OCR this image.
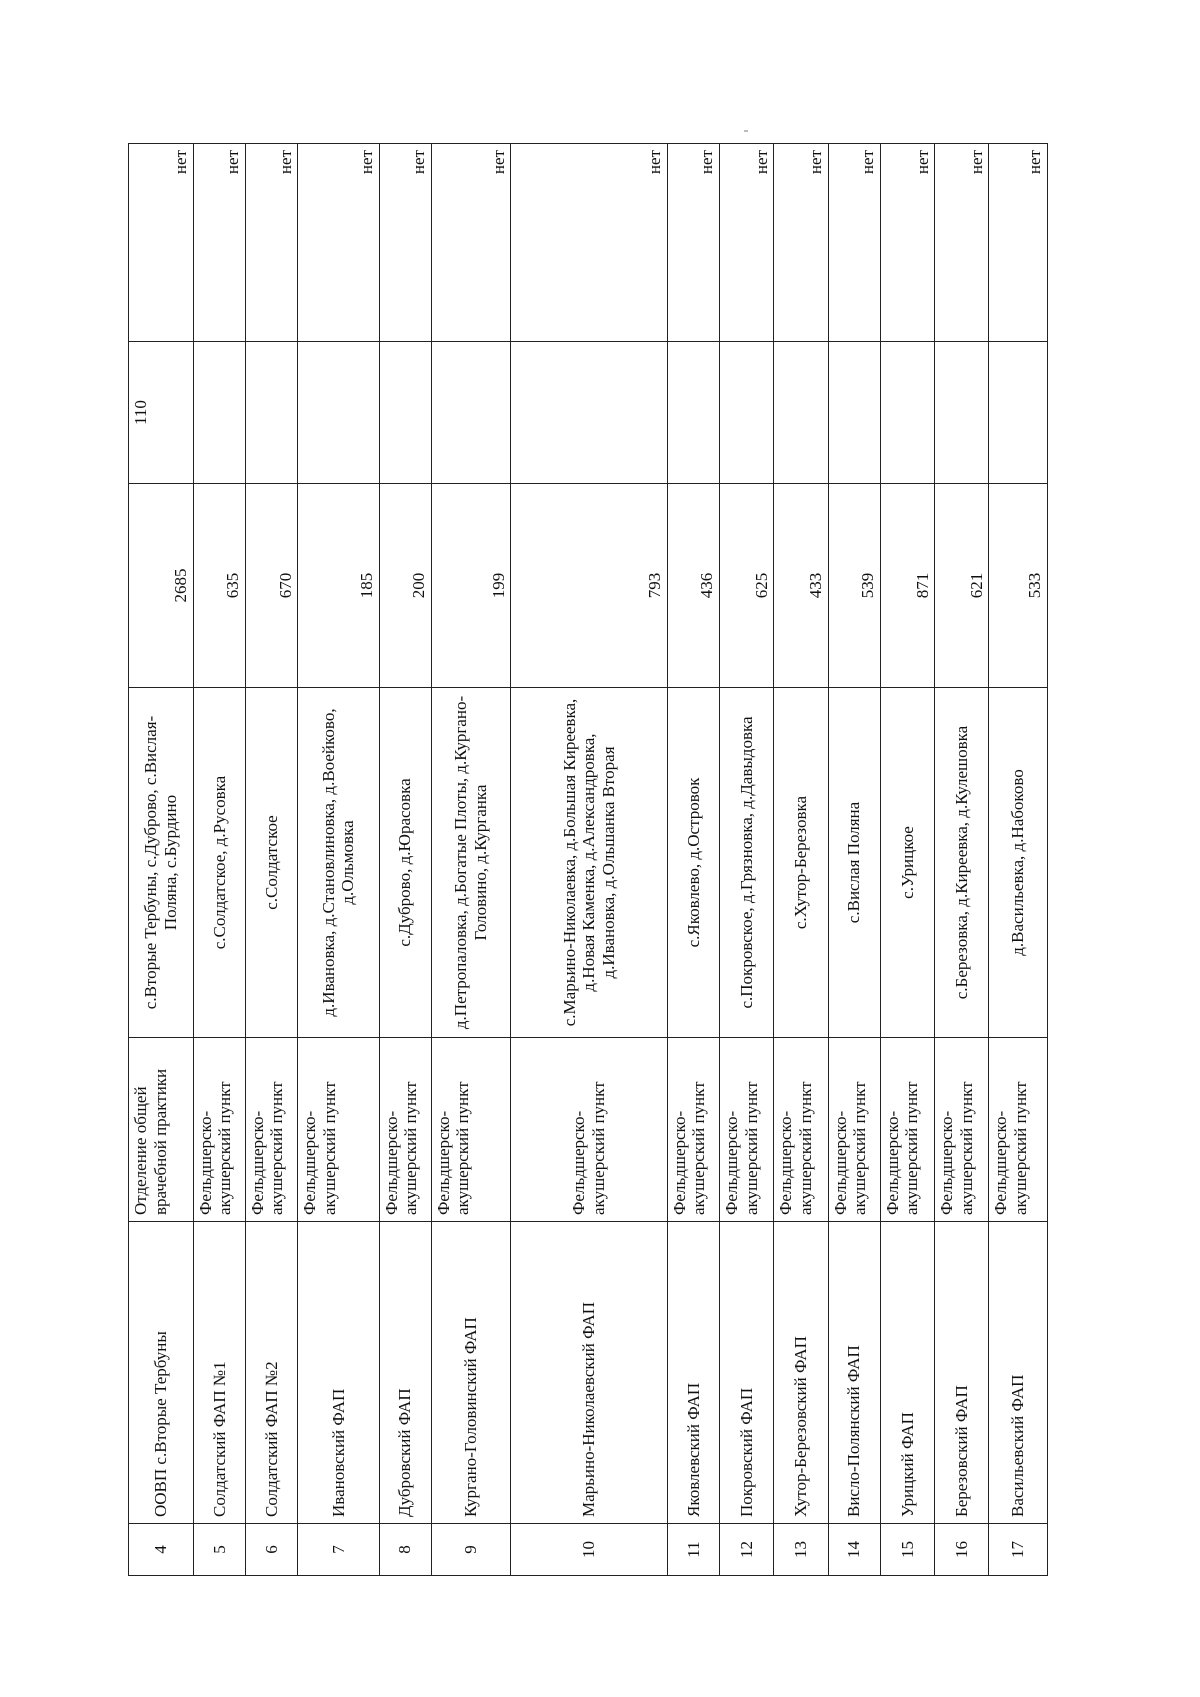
4	ООВП с.Вторые Тербуны	Отделение общей врачебной практики	с.Вторые Тербуны, с.Дуброво, с.Вислая-Поляна, с.Бурдино	2685	110	нет
5	Солдатский ФАП №1	Фельдшерско-акушерский пункт	с.Солдатское, д.Русовка	635		нет
6	Солдатский ФАП №2	Фельдшерско-акушерский пункт	с.Солдатское	670		нет
7	Ивановский ФАП	Фельдшерско-акушерский пункт	д.Ивановка, д.Становлиновка, д.Воейково, д.Ольмовка	185		нет
8	Дубровский ФАП	Фельдшерско-акушерский пункт	с.Дуброво, д.Юрасовка	200		нет
9	Кургано-Головинский ФАП	Фельдшерско-акушерский пункт	д.Петропаловка, д.Богатые Плоты, д.Кургано-Головино, д.Курганка	199		нет
10	Марьино-Николаевский ФАП	Фельдшерско-акушерский пункт	с.Марьино-Николаевка, д.Большая Киреевка, д.Новая Каменка, д.Александровка, д.Ивановка, д.Ольшанка Вторая	793		нет
11	Яковлевский ФАП	Фельдшерско-акушерский пункт	с.Яковлево, д.Островок	436		нет
12	Покровский ФАП	Фельдшерско-акушерский пункт	с.Покровское, д.Грязновка, д.Давыдовка	625		нет
13	Хутор-Березовский ФАП	Фельдшерско-акушерский пункт	с.Хутор-Березовка	433		нет
14	Висло-Полянский ФАП	Фельдшерско-акушерский пункт	с.Вислая Поляна	539		нет
15	Урицкий ФАП	Фельдшерско-акушерский пункт	с.Урицкое	871		нет
16	Березовский ФАП	Фельдшерско-акушерский пункт	с.Березовка, д.Киреевка, д.Кулешовка	621		нет
17	Васильевский ФАП	Фельдшерско-акушерский пункт	д.Васильевка, д.Набоково	533		нет
